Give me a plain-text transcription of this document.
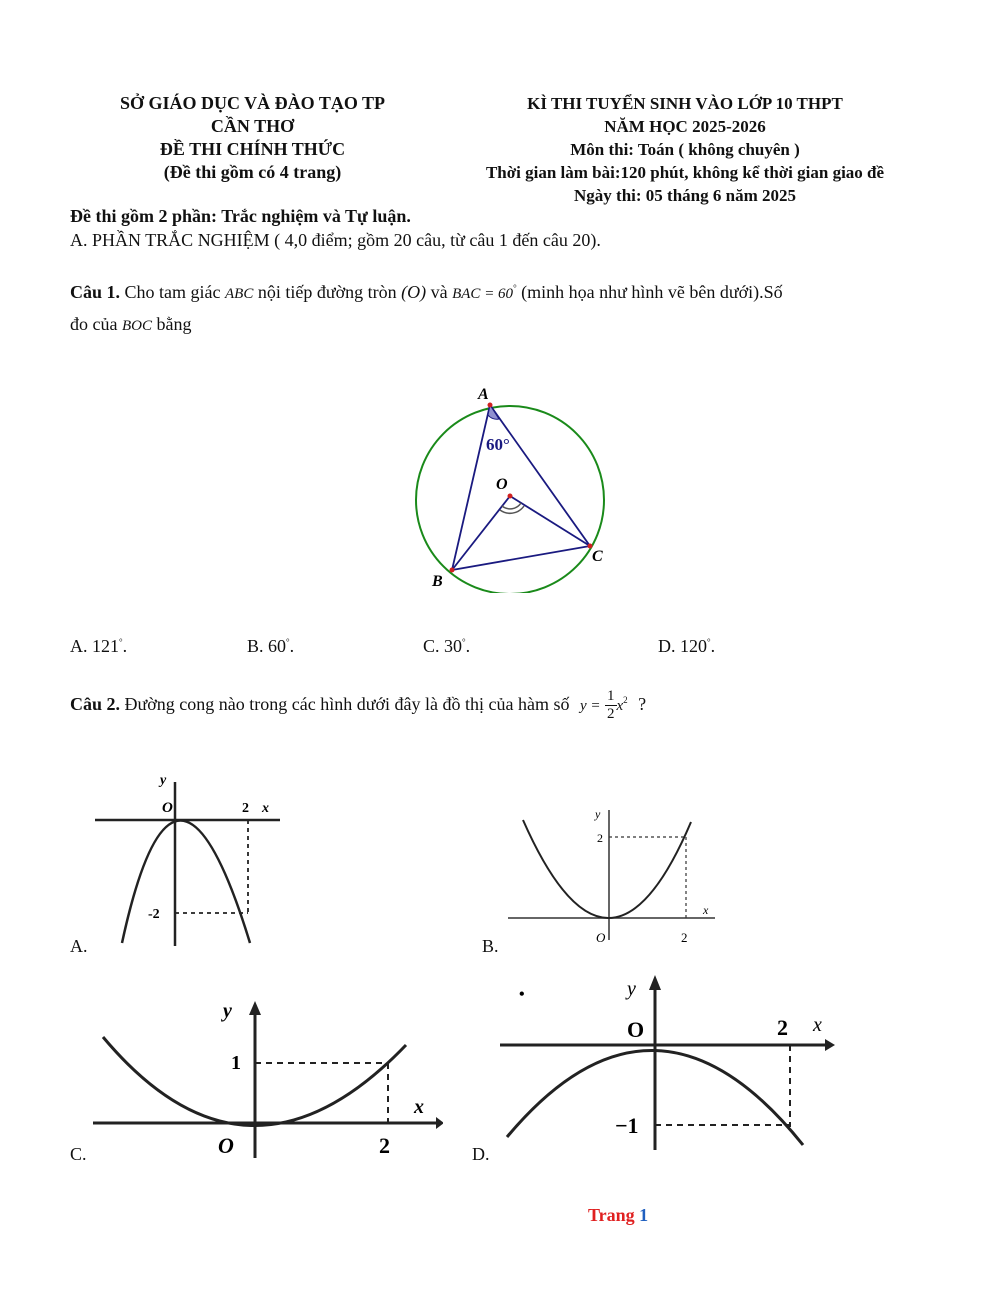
SỞ GIÁO DỤC VÀ ĐÀO TẠO TP
CẦN THƠ
ĐỀ THI CHÍNH THỨC
(Đề thi gồm có 4 trang)
KÌ THI TUYỂN SINH VÀO LỚP 10 THPT
NĂM HỌC 2025-2026
Môn thi: Toán ( không chuyên )
Thời gian làm bài:120 phút, không kể thời gian giao đề
Ngày thi: 05 tháng 6 năm 2025
Đề thi gồm 2 phần: Trắc nghiệm và Tự luận.
A. PHẦN TRẮC NGHIỆM ( 4,0 điểm; gồm 20 câu, từ câu 1 đến câu 20).
Câu 1. Cho tam giác ABC nội tiếp đường tròn (O) và BAC = 60° (minh họa như hình vẽ bên dưới).Số
đo của BOC bằng
A
O
B
C
60°
A. 121°.	B. 60°.	C. 30°.	D. 120°.
Câu 2. Đường cong nào trong các hình dưới đây là đồ thị của hàm số $y = \frac{1}{2} x^2$ ?
y
O	2 x
-2
A.
y
2
x
O	2
B.
y
1
x
O	2
C.
•	y
O	2 x
−1
D.
Trang 1
